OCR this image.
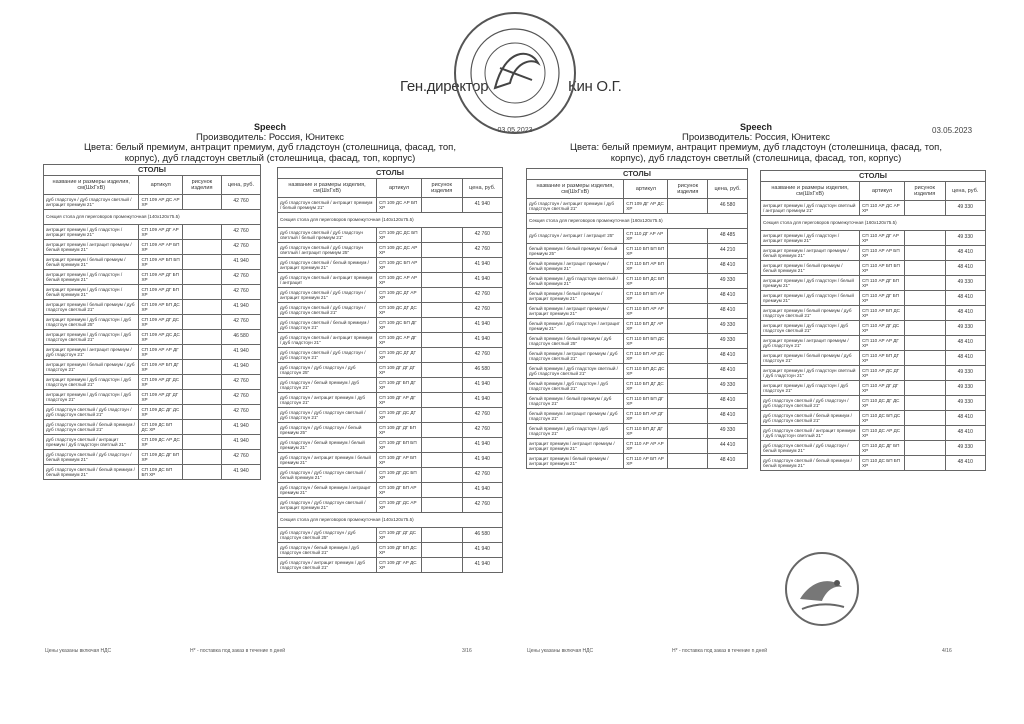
Ген.директор	Кин О.Г.
03.05.2023
Speech
Производитель: Россия, Юнитекс
Цвета: белый премиум, антрацит премиум, дуб гладстоун (столешница, фасад, топ,
корпус), дуб гладстоун светлый (столешница, фасад, топ, корпус)
СТОЛЫ			
название и размеры изделия, см(ШхГхВ)	артикул	рисунок изделия	цена, руб.
дуб гладстоун / дуб гладстоун светлый / антрацит премиум 21"	СП 109 АР ДС АР ХР		42 760
Секция стола для переговоров промежуточная (140х120х75.5)			
антрацит премиум / дуб гладстоун / антрацит премиум 21"	СП 109 АР ДГ АР ХР		42 760
антрацит премиум / антрацит премиум / белый премиум 21"	СП 109 АР АР БП ХР		42 760
антрацит премиум / белый премиум / белый премиум 21"	СП 109 АР БП БП ХР		41 940
антрацит премиум / дуб гладстоун / белый премиум 21"	СП 109 АР ДГ БП ХР		42 760
антрацит премиум / дуб гладстоун / белый премиум 21"	СП 109 АР ДГ БП ХР		42 760
антрацит премиум / белый премиум / дуб гладстоун светлый 21"	СП 109 АР БП ДС ХР		41 940
антрацит премиум / дуб гладстоун / дуб гладстоун светлый 25"	СП 109 АР ДГ ДС ХР		42 760
антрацит премиум / дуб гладстоун / дуб гладстоун светлый 21"	СП 109 АР ДС ДС ХР		46 580
антрацит премиум / антрацит премиум / дуб гладстоун 21"	СП 109 АР АР ДГ ХР		41 940
антрацит премиум / белый премиум / дуб гладстоун 21"	СП 109 АР БП ДГ ХР		41 940
антрацит премиум / дуб гладстоун / дуб гладстоун светлый 21"	СП 109 АР ДГ ДС ХР		42 760
антрацит премиум / дуб гладстоун / дуб гладстоун 21"	СП 109 АР ДГ ДГ ХР		42 760
дуб гладстоун светлый / дуб гладстоун / дуб гладстоун светлый 21"	СП 109 ДС ДГ ДС ХР		42 760
дуб гладстоун светлый / белый премиум / дуб гладстоун светлый 21"	СП 109 ДС БП ДС ХР		41 940
дуб гладстоун светлый / антрацит премиум / дуб гладстоун светлый 21"	СП 109 ДС АР ДС ХР		41 940
дуб гладстоун светлый / дуб гладстоун / белый премиум 21"	СП 109 ДС ДГ БП ХР		42 760
дуб гладстоун светлый / белый премиум / белый премиум 21"	СП 109 ДС БП БП ХР		41 940
СТОЛЫ			
название и размеры изделия, см(ШхГхВ)	артикул	рисунок изделия	цена, руб.
дуб гладстоун светлый / антрацит премиум / белый премиум 21"	СП 109 ДС АР БП ХР		41 940
Секция стола для переговоров промежуточная (140х120х75.5)			
дуб гладстоун светлый / дуб гладстоун светлый / белый премиум 21"	СП 109 ДС ДС БП ХР		42 760
дуб гладстоун светлый / дуб гладстоун светлый / антрацит премиум 25"	СП 109 ДС ДС АР ХР		42 760
дуб гладстоун светлый / белый премиум / антрацит премиум 21"	СП 109 ДС БП АР ХР		41 940
дуб гладстоун светлый / антрацит премиум / антрацит	СП 109 ДС АР АР ХР		41 940
дуб гладстоун светлый / дуб гладстоун / антрацит премиум 21"	СП 109 ДС ДГ АР ХР		42 760
дуб гладстоун светлый / дуб гладстоун / дуб гладстоун светлый 21"	СП 109 ДС ДГ ДС ХР		42 760
дуб гладстоун светлый / белый премиум / дуб гладстоун 21"	СП 109 ДС БП ДГ ХР		41 940
дуб гладстоун светлый / антрацит премиум / дуб гладстоун 21"	СП 109 ДС АР ДГ ХР		41 940
дуб гладстоун светлый / дуб гладстоун / дуб гладстоун 21"	СП 109 ДС ДГ ДГ ХР		42 760
дуб гладстоун / дуб гладстоун / дуб гладстоун 25"	СП 109 ДГ ДГ ДГ ХР		46 580
дуб гладстоун / белый премиум / дуб гладстоун 21"	СП 109 ДГ БП ДГ ХР		41 940
дуб гладстоун / антрацит премиум / дуб гладстоун 21"	СП 109 ДГ АР ДГ ХР		41 940
дуб гладстоун / дуб гладстоун светлый / дуб гладстоун 21"	СП 109 ДГ ДС ДГ ХР		42 760
дуб гладстоун / дуб гладстоун / белый премиум 25"	СП 109 ДГ ДГ БП ХР		42 760
дуб гладстоун / белый премиум / белый премиум 21"	СП 109 ДГ БП БП ХР		41 940
дуб гладстоун / антрацит премиум / белый премиум 21"	СП 109 ДГ АР БП ХР		41 940
дуб гладстоун / дуб гладстоун светлый / белый премиум 21"	СП 109 ДГ ДС БП ХР		42 760
дуб гладстоун / белый премиум / антрацит премиум 21"	СП 109 ДГ БП АР ХР		41 940
дуб гладстоун / дуб гладстоун светлый / антрацит премиум 21"	СП 109 ДГ ДС АР ХР		42 760
Секция стола для переговоров промежуточная (140х120х75.5)			
дуб гладстоун / дуб гладстоун / дуб гладстоун светлый 25"	СП 109 ДГ ДГ ДС ХР		46 580
дуб гладстоун / белый премиум / дуб гладстоун светлый 21"	СП 109 ДГ БП ДС ХР		41 940
дуб гладстоун / антрацит премиум / дуб гладстоун светлый 21"	СП 109 ДГ АР ДС ХР		41 940
Цены указаны включая НДС	Н* - поставка под заказ в течение n дней	3/16
Speech
Производитель: Россия, Юнитекс
Цвета: белый премиум, антрацит премиум, дуб гладстоун (столешница, фасад, топ,
корпус), дуб гладстоун светлый (столешница, фасад, топ, корпус)
03.05.2023
СТОЛЫ			
название и размеры изделия, см(ШхГхВ)	артикул	рисунок изделия	цена, руб.
дуб гладстоун / антрацит премиум / дуб гладстоун светлый 21"	СП 109 ДГ АР ДС ХР		46 580
Секция стола для переговоров промежуточная (160х120х75.5)			
дуб гладстоун / антрацит / антрацит 25"	СП 110 ДГ АР АР ХР		48 485
белый премиум / белый премиум / белый премиум 25"	СП 110 БП БП БП ХР		44 210
белый премиум / антрацит премиум / белый премиум 21"	СП 110 БП АР БП ХР		48 410
белый премиум / дуб гладстоун светлый / белый премиум 21"	СП 110 БП ДС БП ХР		49 330
белый премиум / белый премиум / антрацит премиум 21"	СП 110 БП БП АР ХР		48 410
белый премиум / антрацит премиум / антрацит премиум 21"	СП 110 БП АР АР ХР		48 410
белый премиум / дуб гладстоун / антрацит премиум 21"	СП 110 БП ДГ АР ХР		49 330
белый премиум / белый премиум / дуб гладстоун светлый 25"	СП 110 БП БП ДС ХР		49 330
белый премиум / антрацит премиум / дуб гладстоун светлый 21"	СП 110 БП АР ДС ХР		48 410
белый премиум / дуб гладстоун светлый / дуб гладстоун светлый 21"	СП 110 БП ДС ДС ХР		48 410
белый премиум / дуб гладстоун / дуб гладстоун светлый 21"	СП 110 БП ДГ ДС ХР		49 330
белый премиум / белый премиум / дуб гладстоун 21"	СП 110 БП БП ДГ ХР		48 410
белый премиум / антрацит премиум / дуб гладстоун 21"	СП 110 БП АР ДГ ХР		48 410
белый премиум / дуб гладстоун / дуб гладстоун 21"	СП 110 БП ДГ ДГ ХР		49 330
антрацит премиум / антрацит премиум / антрацит премиум 21"	СП 110 АР АР АР ХР		44 410
антрацит премиум / белый премиум / антрацит премиум 21"	СП 110 АР БП АР ХР		48 410
СТОЛЫ			
название и размеры изделия, см(ШхГхВ)	артикул	рисунок изделия	цена, руб.
антрацит премиум / дуб гладстоун светлый / антрацит премиум 21"	СП 110 АР ДС АР ХР		49 330
Секция стола для переговоров промежуточная (160х120х75.5)			
антрацит премиум / дуб гладстоун / антрацит премиум 21"	СП 110 АР ДГ АР ХР		49 330
антрацит премиум / антрацит премиум / белый премиум 21"	СП 110 АР АР БП ХР		48 410
антрацит премиум / белый премиум / белый премиум 21"	СП 110 АР БП БП ХР		48 410
антрацит премиум / дуб гладстоун / белый премиум 21"	СП 110 АР ДГ БП ХР		49 330
антрацит премиум / дуб гладстоун / белый премиум 21"	СП 110 АР ДГ БП ХР		48 410
антрацит премиум / белый премиум / дуб гладстоун светлый 21"	СП 110 АР БП ДС ХР		48 410
антрацит премиум / дуб гладстоун / дуб гладстоун светлый 21"	СП 110 АР ДГ ДС ХР		49 330
антрацит премиум / антрацит премиум / дуб гладстоун 21"	СП 110 АР АР ДГ ХР		48 410
антрацит премиум / белый премиум / дуб гладстоун 21"	СП 110 АР БП ДГ ХР		48 410
антрацит премиум / дуб гладстоун светлый / дуб гладстоун 21"	СП 110 АР ДС ДГ ХР		49 330
антрацит премиум / дуб гладстоун / дуб гладстоун 21"	СП 110 АР ДГ ДГ ХР		49 330
дуб гладстоун светлый / дуб гладстоун / дуб гладстоун светлый 21"	СП 110 ДС ДГ ДС ХР		49 330
дуб гладстоун светлый / белый премиум / дуб гладстоун светлый 21"	СП 110 ДС БП ДС ХР		48 410
дуб гладстоун светлый / антрацит премиум / дуб гладстоун светлый 21"	СП 110 ДС АР ДС ХР		48 410
дуб гладстоун светлый / дуб гладстоун / белый премиум 21"	СП 110 ДС ДГ БП ХР		49 330
дуб гладстоун светлый / белый премиум / белый премиум 21"	СП 110 ДС БП БП ХР		48 410
Цены указаны включая НДС	Н* - поставка под заказ в течение n дней	4/16
